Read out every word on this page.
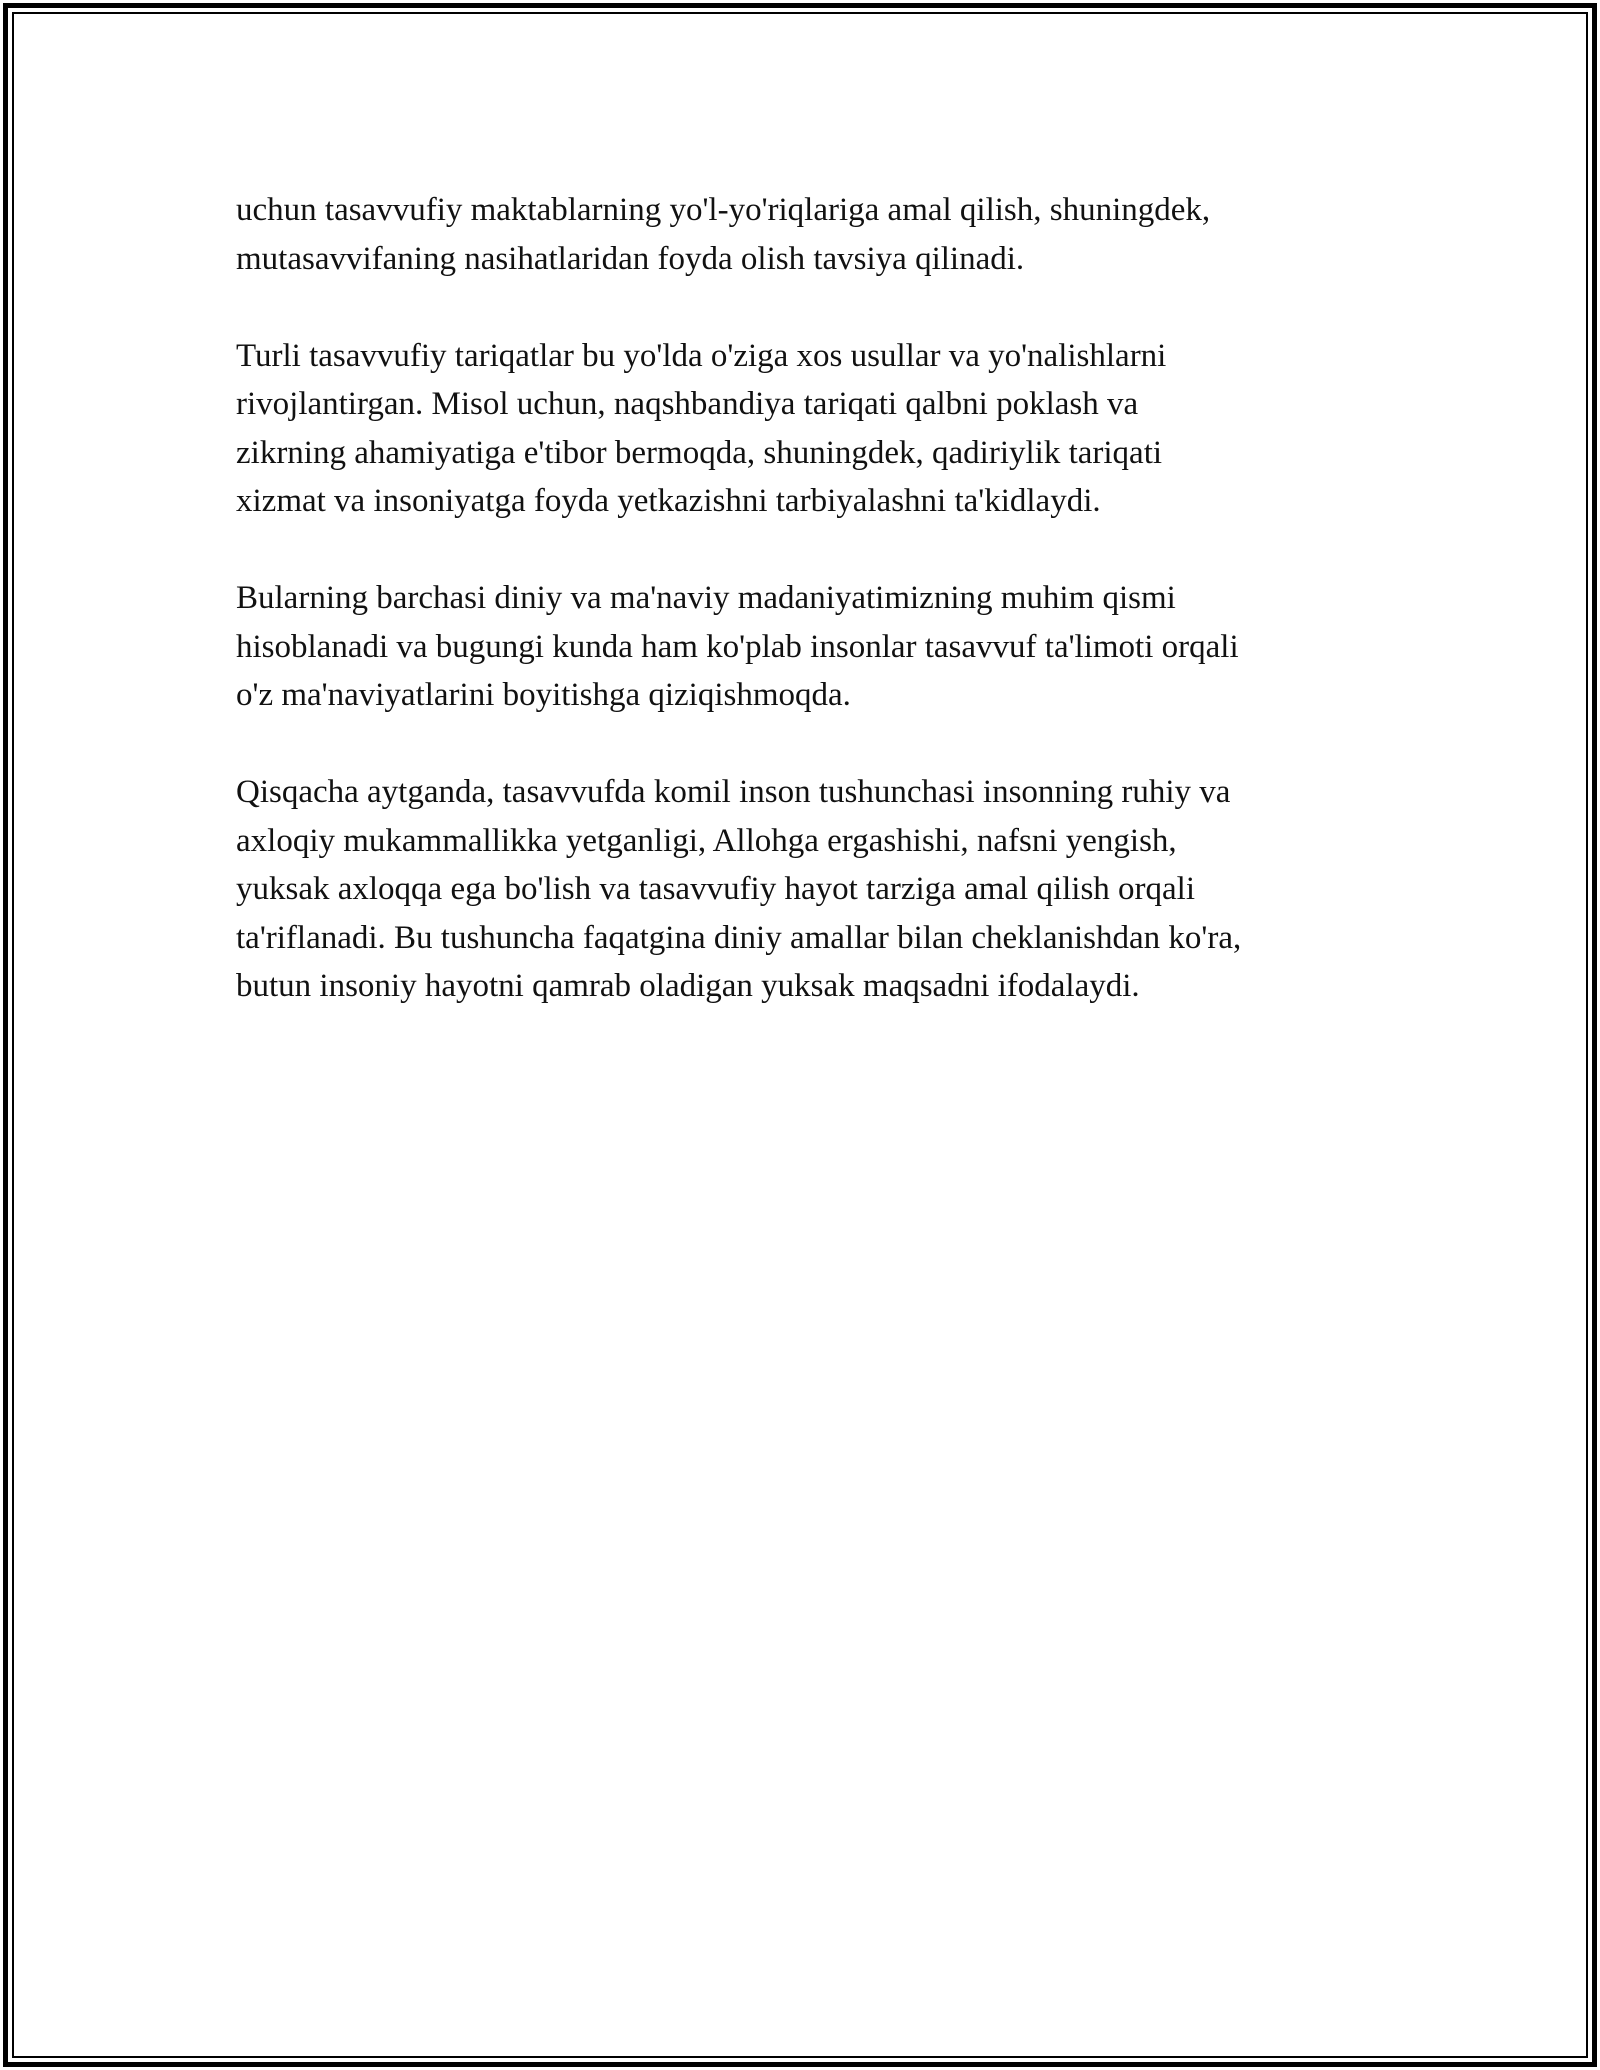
uchun tasavvufiy maktablarning yo'l-yo'riqlariga amal qilish, shuningdek,
mutasavvifaning nasihatlaridan foyda olish tavsiya qilinadi.

Turli tasavvufiy tariqatlar bu yo'lda o'ziga xos usullar va yo'nalishlarni
rivojlantirgan. Misol uchun, naqshbandiya tariqati qalbni poklash va
zikrning ahamiyatiga e'tibor bermoqda, shuningdek, qadiriylik tariqati
xizmat va insoniyatga foyda yetkazishni tarbiyalashni ta'kidlaydi.

Bularning barchasi diniy va ma'naviy madaniyatimizning muhim qismi
hisoblanadi va bugungi kunda ham ko'plab insonlar tasavvuf ta'limoti orqali
o'z ma'naviyatlarini boyitishga qiziqishmoqda.

Qisqacha aytganda, tasavvufda komil inson tushunchasi insonning ruhiy va
axloqiy mukammallikka yetganligi, Allohga ergashishi, nafsni yengish,
yuksak axloqqa ega bo'lish va tasavvufiy hayot tarziga amal qilish orqali
ta'riflanadi. Bu tushuncha faqatgina diniy amallar bilan cheklanishdan ko'ra,
butun insoniy hayotni qamrab oladigan yuksak maqsadni ifodalaydi.
